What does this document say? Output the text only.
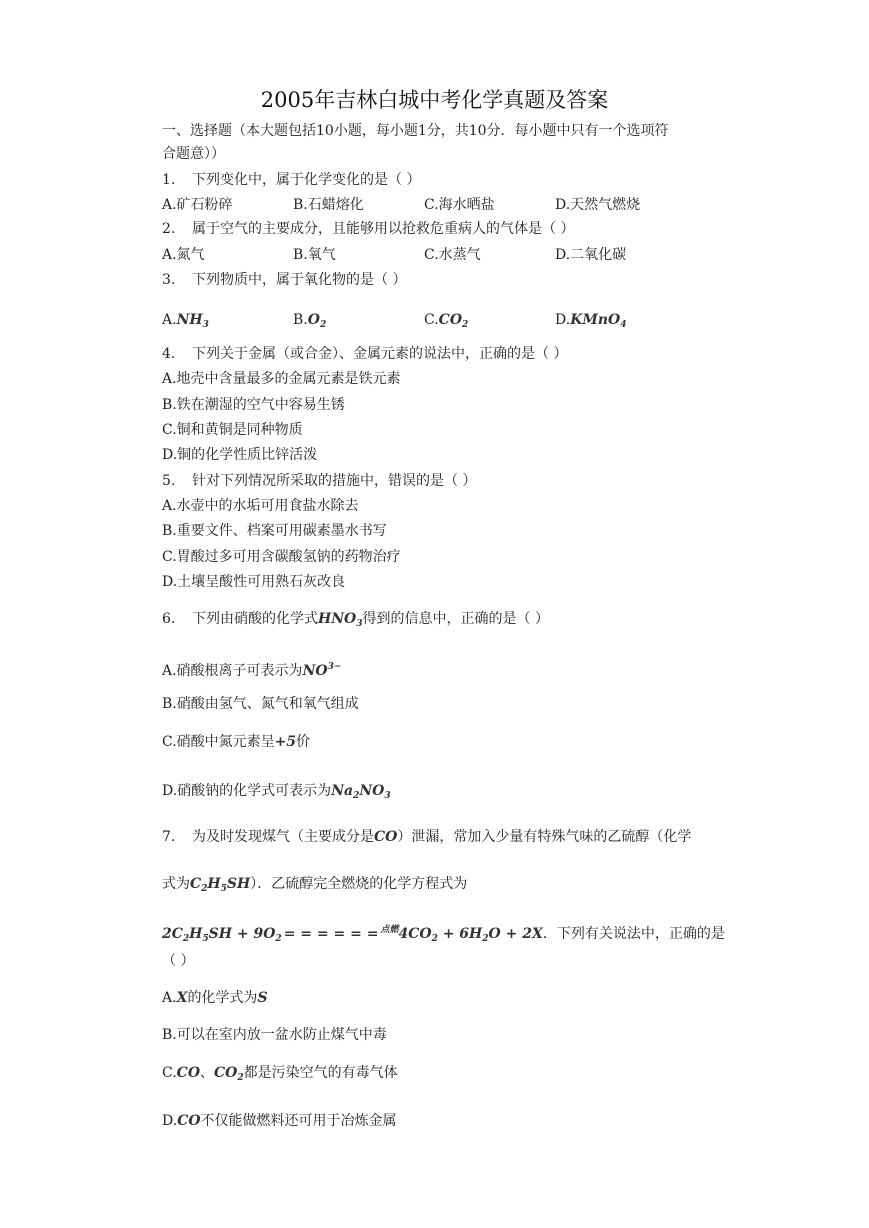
2005年吉林白城中考化学真题及答案
一、选择题（本大题包括10小题，每小题1分，共10分．每小题中只有一个选项符
合题意））
1. 下列变化中，属于化学变化的是（ ）
A.矿石粉碎	B.石蜡熔化	C.海水晒盐	D.天然气燃烧
2. 属于空气的主要成分，且能够用以抢救危重病人的气体是（ ）
A.氮气	B.氧气	C.水蒸气	D.二氧化碳
3. 下列物质中，属于氧化物的是（ ）
$A.NH_3$	$B.O_2$	$C.CO_2$	D.KMnO$_4$
4. 下列关于金属（或合金）、金属元素的说法中，正确的是（ ）
A.地壳中含量最多的金属元素是铁元素
B.铁在潮湿的空气中容易生锈
C.铜和黄铜是同种物质
D.铜的化学性质比锌活泼
5. 针对下列情况所采取的措施中，错误的是（ ）
A.水壶中的水垢可用食盐水除去
B.重要文件、档案可用碳素墨水书写
C.胃酸过多可用含碳酸氢钠的药物治疗
D.土壤呈酸性可用熟石灰改良
6. 下列由硝酸的化学式$HNO_3$得到的信息中，正确的是（ ）
A.硝酸根离子可表示为$NO^{3-}$
B.硝酸由氢气、氮气和氧气组成
C.硝酸中氮元素呈+5价
D.硝酸钠的化学式可表示为$Na_2NO_3$
7. 为及时发现煤气（主要成分是CO）泄漏，常加入少量有特殊气味的乙硫醇（化学
式为$C_2H_5SH$）．乙硫醇完全燃烧的化学方程式为
$2C_2H_5SH + 9O_2$ = = = = = = $^{点燃}4CO_2 + 6H_2O + 2X$．下列有关说法中，正确的是
（ ）
A.X的化学式为S
B.可以在室内放一盆水防止煤气中毒
C.CO、$CO_2$都是污染空气的有毒气体
D.CO不仅能做燃料还可用于冶炼金属
